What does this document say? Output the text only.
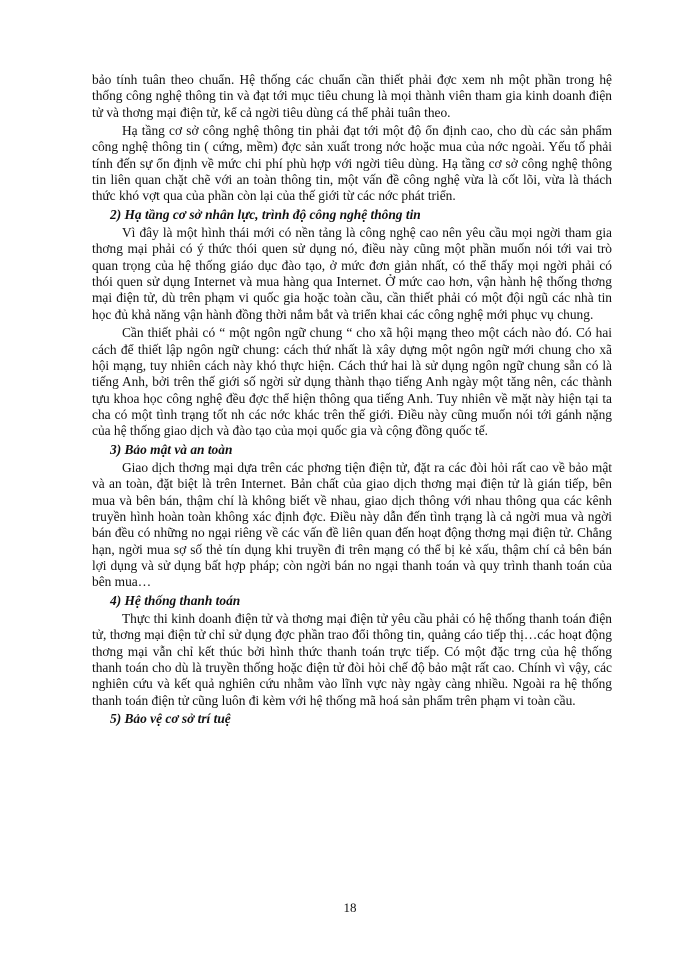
bảo tính tuân theo chuẩn. Hệ thống các chuẩn cần thiết phải đợc xem nh một phần trong hệ thống công nghệ thông tin và đạt tới mục tiêu chung là mọi thành viên tham gia kinh doanh điện tử và thơng mại điện tử, kể cả ngời tiêu dùng cá thể phải tuân theo.

Hạ tầng cơ sở công nghệ thông tin phải đạt tới một độ ổn định cao, cho dù các sản phẩm công nghệ thông tin ( cứng, mềm) đợc sản xuất trong nớc hoặc mua của nớc ngoài. Yếu tố phải tính đến sự ổn định về mức chi phí phù hợp với ngời tiêu dùng. Hạ tầng cơ sở công nghệ thông tin liên quan chặt chẽ với an toàn thông tin, một vấn đề công nghệ vừa là cốt lõi, vừa là thách thức khó vợt qua của phần còn lại của thế giới từ các nớc phát triển.

2) Hạ tầng cơ sở nhân lực, trình độ công nghệ thông tin

Vì đây là một hình thái mới có nền tảng là công nghệ cao nên yêu cầu mọi ngời tham gia thơng mại phải có ý thức thói quen sử dụng nó, điều này cũng một phần muốn nói tới vai trò quan trọng của hệ thống giáo dục đào tạo, ở mức đơn giản nhất, có thể thấy mọi ngời phải có thói quen sử dụng Internet và mua hàng qua Internet. Ở mức cao hơn, vận hành hệ thống thơng mại điện tử, dù trên phạm vi quốc gia hoặc toàn cầu, cần thiết phải có một đội ngũ các nhà tin học đủ khả năng vận hành đồng thời nắm bắt và triển khai các công nghệ mới phục vụ chung.

Cần thiết phải có “ một ngôn ngữ chung “ cho xã hội mạng theo một cách nào đó. Có hai cách để thiết lập ngôn ngữ chung: cách thứ nhất là xây dựng một ngôn ngữ mới chung cho xã hội mạng, tuy nhiên cách này khó thực hiện. Cách thứ hai là sử dụng ngôn ngữ chung sẵn có là tiếng Anh, bởi trên thế giới số ngời sử dụng thành thạo tiếng Anh ngày một tăng nên, các thành tựu khoa học công nghệ đều đợc thể hiện thông qua tiếng Anh. Tuy nhiên về mặt này hiện tại ta cha có một tình trạng tốt nh các nớc khác trên thế giới. Điều này cũng muốn nói tới gánh nặng của hệ thống giao dịch và đào tạo của mọi quốc gia và cộng đồng quốc tế.

3) Bảo mật và an toàn

Giao dịch thơng mại dựa trên các phơng tiện điện tử, đặt ra các đòi hỏi rất cao về bảo mật và an toàn, đặt biệt là trên Internet. Bản chất của giao dịch thơng mại điện tử là gián tiếp, bên mua và bên bán, thậm chí là không biết về nhau, giao dịch thông với nhau thông qua các kênh truyền hình hoàn toàn không xác định đợc. Điều này dẫn đến tình trạng là cả ngời mua và ngời bán đều có những no ngại riêng về các vấn đề liên quan đến hoạt động thơng mại điện tử. Chẳng hạn, ngời mua sợ số thẻ tín dụng khi truyền đi trên mạng có thể bị kẻ xấu, thậm chí cả bên bán lợi dụng và sử dụng bất hợp pháp; còn ngời bán no ngại thanh toán và quy trình thanh toán của bên mua…

4) Hệ thống thanh toán

Thực thi kinh doanh điện tử và thơng mại điện tử yêu cầu phải có hệ thống thanh toán điện tử, thơng mại điện tử chỉ sử dụng đợc phần trao đổi thông tin, quảng cáo tiếp thị…các hoạt động thơng mại vẫn chỉ kết thúc bởi hình thức thanh toán trực tiếp. Có một đặc trng của hệ thống thanh toán cho dù là truyền thống hoặc điện tử đòi hỏi chế độ bảo mật rất cao. Chính vì vậy, các nghiên cứu và kết quả nghiên cứu nhằm vào lĩnh vực này ngày càng nhiều. Ngoài ra hệ thống thanh toán điện tử cũng luôn đi kèm với hệ thống mã hoá sản phẩm trên phạm vi toàn cầu.

5) Bảo vệ cơ sở trí tuệ

18
